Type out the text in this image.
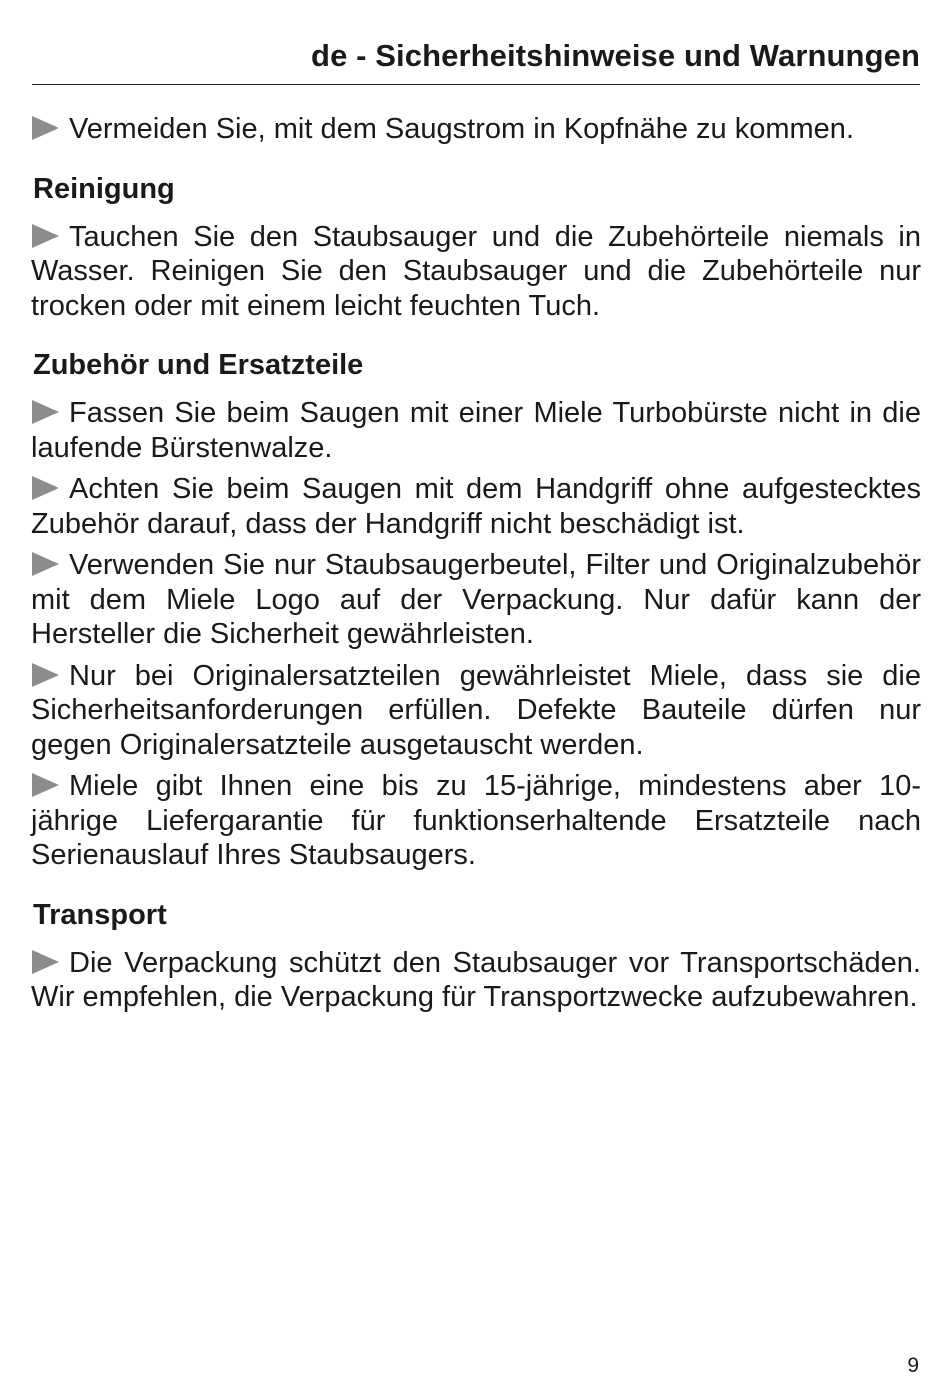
de - Sicherheitshinweise und Warnungen

Vermeiden Sie, mit dem Saugstrom in Kopfnähe zu kommen.

Reinigung

Tauchen Sie den Staubsauger und die Zubehörteile niemals in Wasser. Reinigen Sie den Staubsauger und die Zubehörteile nur trocken oder mit einem leicht feuchten Tuch.

Zubehör und Ersatzteile

Fassen Sie beim Saugen mit einer Miele Turbobürste nicht in die laufende Bürstenwalze.

Achten Sie beim Saugen mit dem Handgriff ohne aufgestecktes Zubehör darauf, dass der Handgriff nicht beschädigt ist.

Verwenden Sie nur Staubsaugerbeutel, Filter und Originalzubehör mit dem Miele Logo auf der Verpackung. Nur dafür kann der Hersteller die Sicherheit gewährleisten.

Nur bei Originalersatzteilen gewährleistet Miele, dass sie die Sicherheitsanforderungen erfüllen. Defekte Bauteile dürfen nur gegen Originalersatzteile ausgetauscht werden.

Miele gibt Ihnen eine bis zu 15-jährige, mindestens aber 10-jährige Liefergarantie für funktionserhaltende Ersatzteile nach Serienauslauf Ihres Staubsaugers.

Transport

Die Verpackung schützt den Staubsauger vor Transportschäden. Wir empfehlen, die Verpackung für Transportzwecke aufzubewahren.

9
